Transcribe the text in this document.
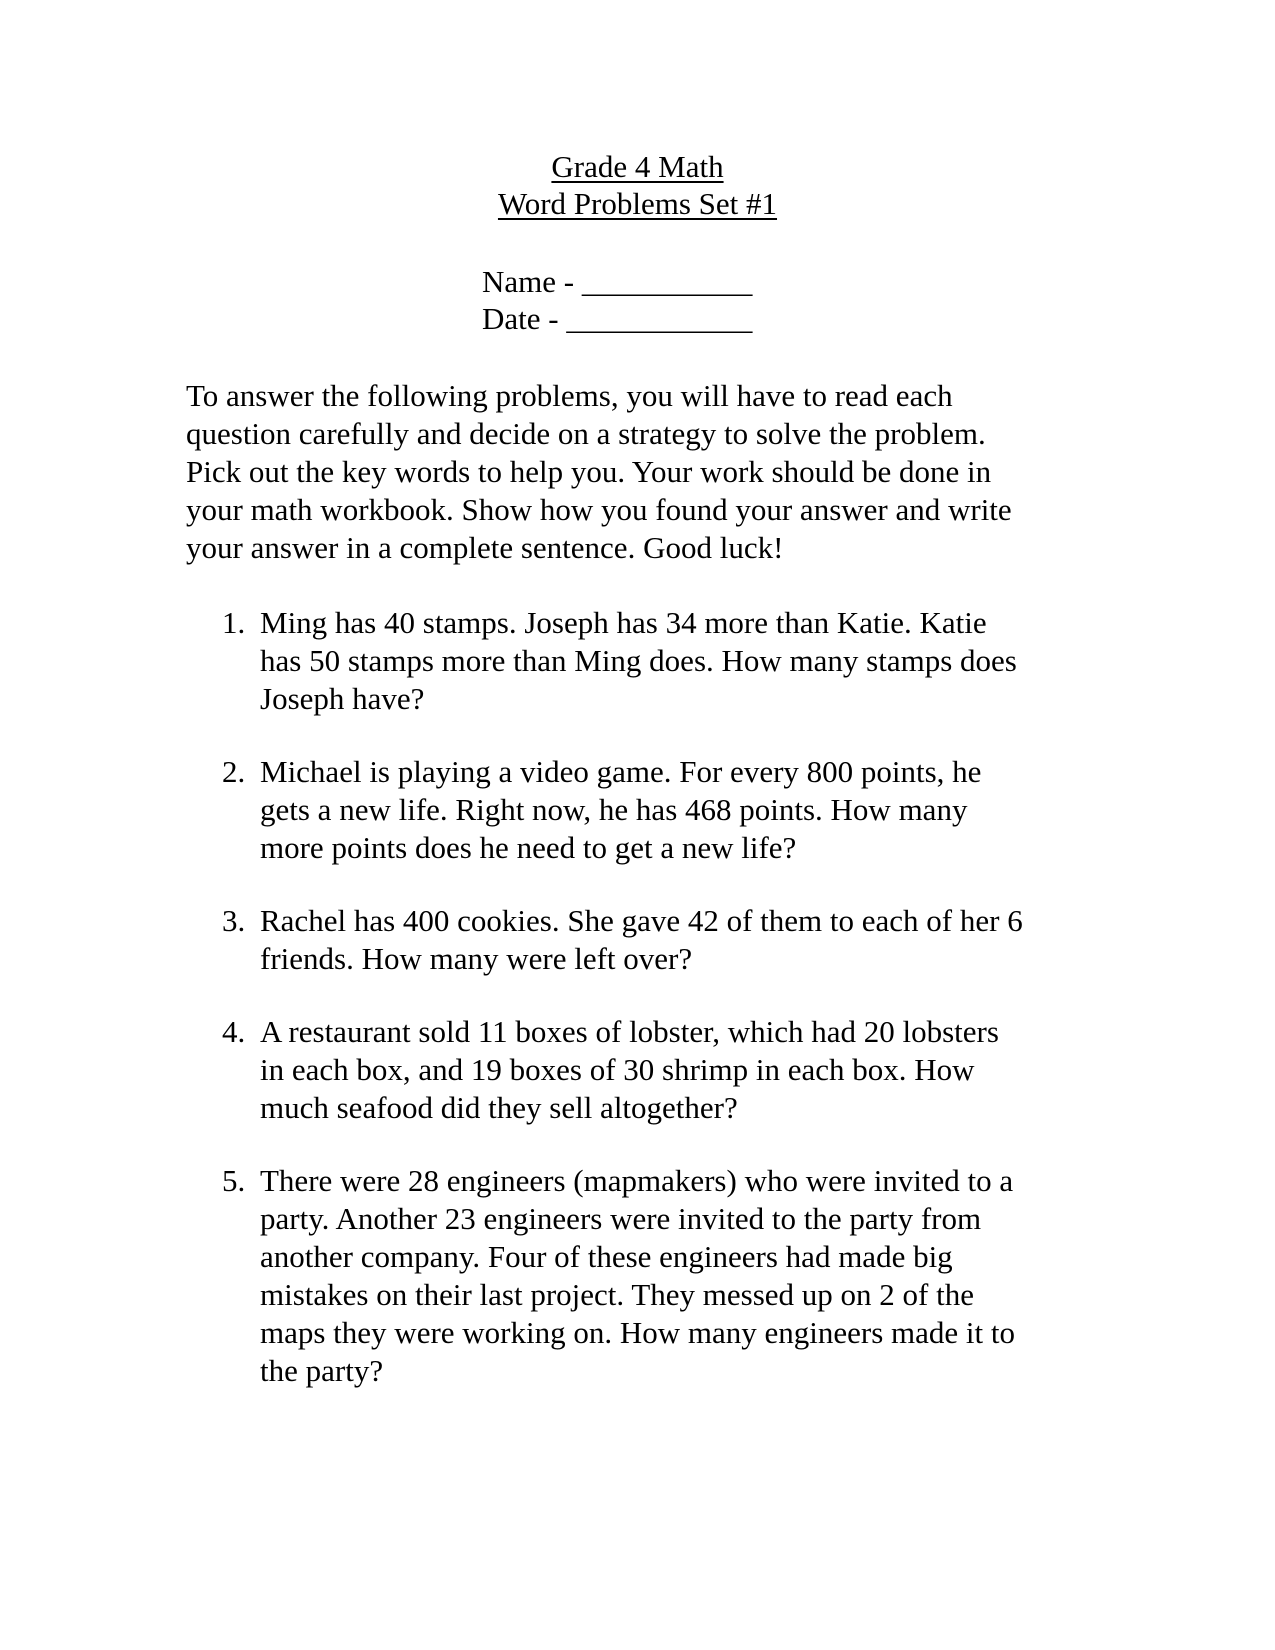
Grade 4 Math
Word Problems Set #1
Name - ___________
Date - ____________
To answer the following problems, you will have to read each
question carefully and decide on a strategy to solve the problem.
Pick out the key words to help you. Your work should be done in
your math workbook. Show how you found your answer and write
your answer in a complete sentence. Good luck!
1. Ming has 40 stamps. Joseph has 34 more than Katie. Katie
has 50 stamps more than Ming does. How many stamps does
Joseph have?
2. Michael is playing a video game. For every 800 points, he
gets a new life. Right now, he has 468 points. How many
more points does he need to get a new life?
3. Rachel has 400 cookies. She gave 42 of them to each of her 6
friends. How many were left over?
4. A restaurant sold 11 boxes of lobster, which had 20 lobsters
in each box, and 19 boxes of 30 shrimp in each box. How
much seafood did they sell altogether?
5. There were 28 engineers (mapmakers) who were invited to a
party. Another 23 engineers were invited to the party from
another company. Four of these engineers had made big
mistakes on their last project. They messed up on 2 of the
maps they were working on. How many engineers made it to
the party?
